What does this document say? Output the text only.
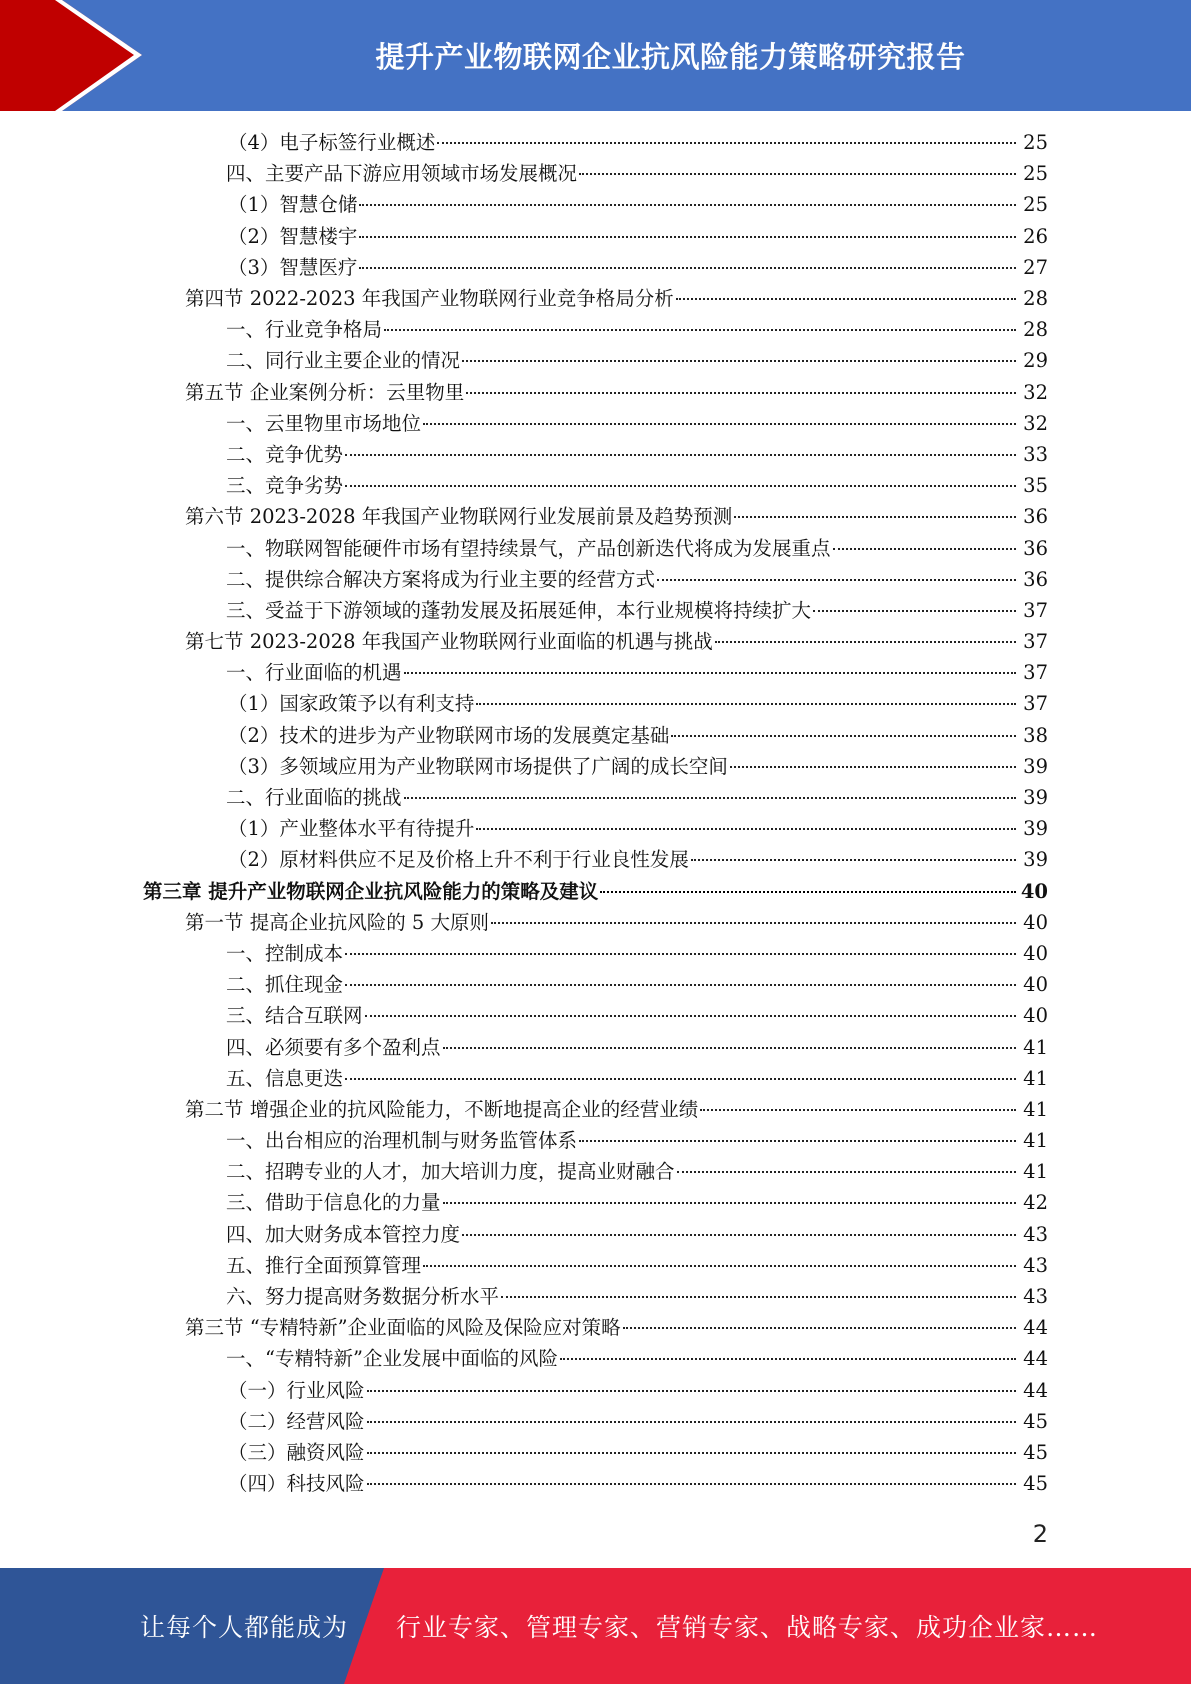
提升产业物联网企业抗风险能力策略研究报告
（4）电子标签行业概述	25
四、主要产品下游应用领域市场发展概况	25
（1）智慧仓储	25
（2）智慧楼宇	26
（3）智慧医疗	27
第四节 2022-2023 年我国产业物联网行业竞争格局分析	28
一、行业竞争格局	28
二、同行业主要企业的情况	29
第五节 企业案例分析：云里物里	32
一、云里物里市场地位	32
二、竞争优势	33
三、竞争劣势	35
第六节 2023-2028 年我国产业物联网行业发展前景及趋势预测	36
一、物联网智能硬件市场有望持续景气，产品创新迭代将成为发展重点	36
二、提供综合解决方案将成为行业主要的经营方式	36
三、受益于下游领域的蓬勃发展及拓展延伸，本行业规模将持续扩大	37
第七节 2023-2028 年我国产业物联网行业面临的机遇与挑战	37
一、行业面临的机遇	37
（1）国家政策予以有利支持	37
（2）技术的进步为产业物联网市场的发展奠定基础	38
（3）多领域应用为产业物联网市场提供了广阔的成长空间	39
二、行业面临的挑战	39
（1）产业整体水平有待提升	39
（2）原材料供应不足及价格上升不利于行业良性发展	39
第三章 提升产业物联网企业抗风险能力的策略及建议	40
第一节 提高企业抗风险的 5 大原则	40
一、控制成本	40
二、抓住现金	40
三、结合互联网	40
四、必须要有多个盈利点	41
五、信息更迭	41
第二节 增强企业的抗风险能力，不断地提高企业的经营业绩	41
一、出台相应的治理机制与财务监管体系	41
二、招聘专业的人才，加大培训力度，提高业财融合	41
三、借助于信息化的力量	42
四、加大财务成本管控力度	43
五、推行全面预算管理	43
六、努力提高财务数据分析水平	43
第三节 “专精特新”企业面临的风险及保险应对策略	44
一、“专精特新”企业发展中面临的风险	44
（一）行业风险	44
（二）经营风险	45
（三）融资风险	45
（四）科技风险	45
2
让每个人都能成为 行业专家、管理专家、营销专家、战略专家、成功企业家……
